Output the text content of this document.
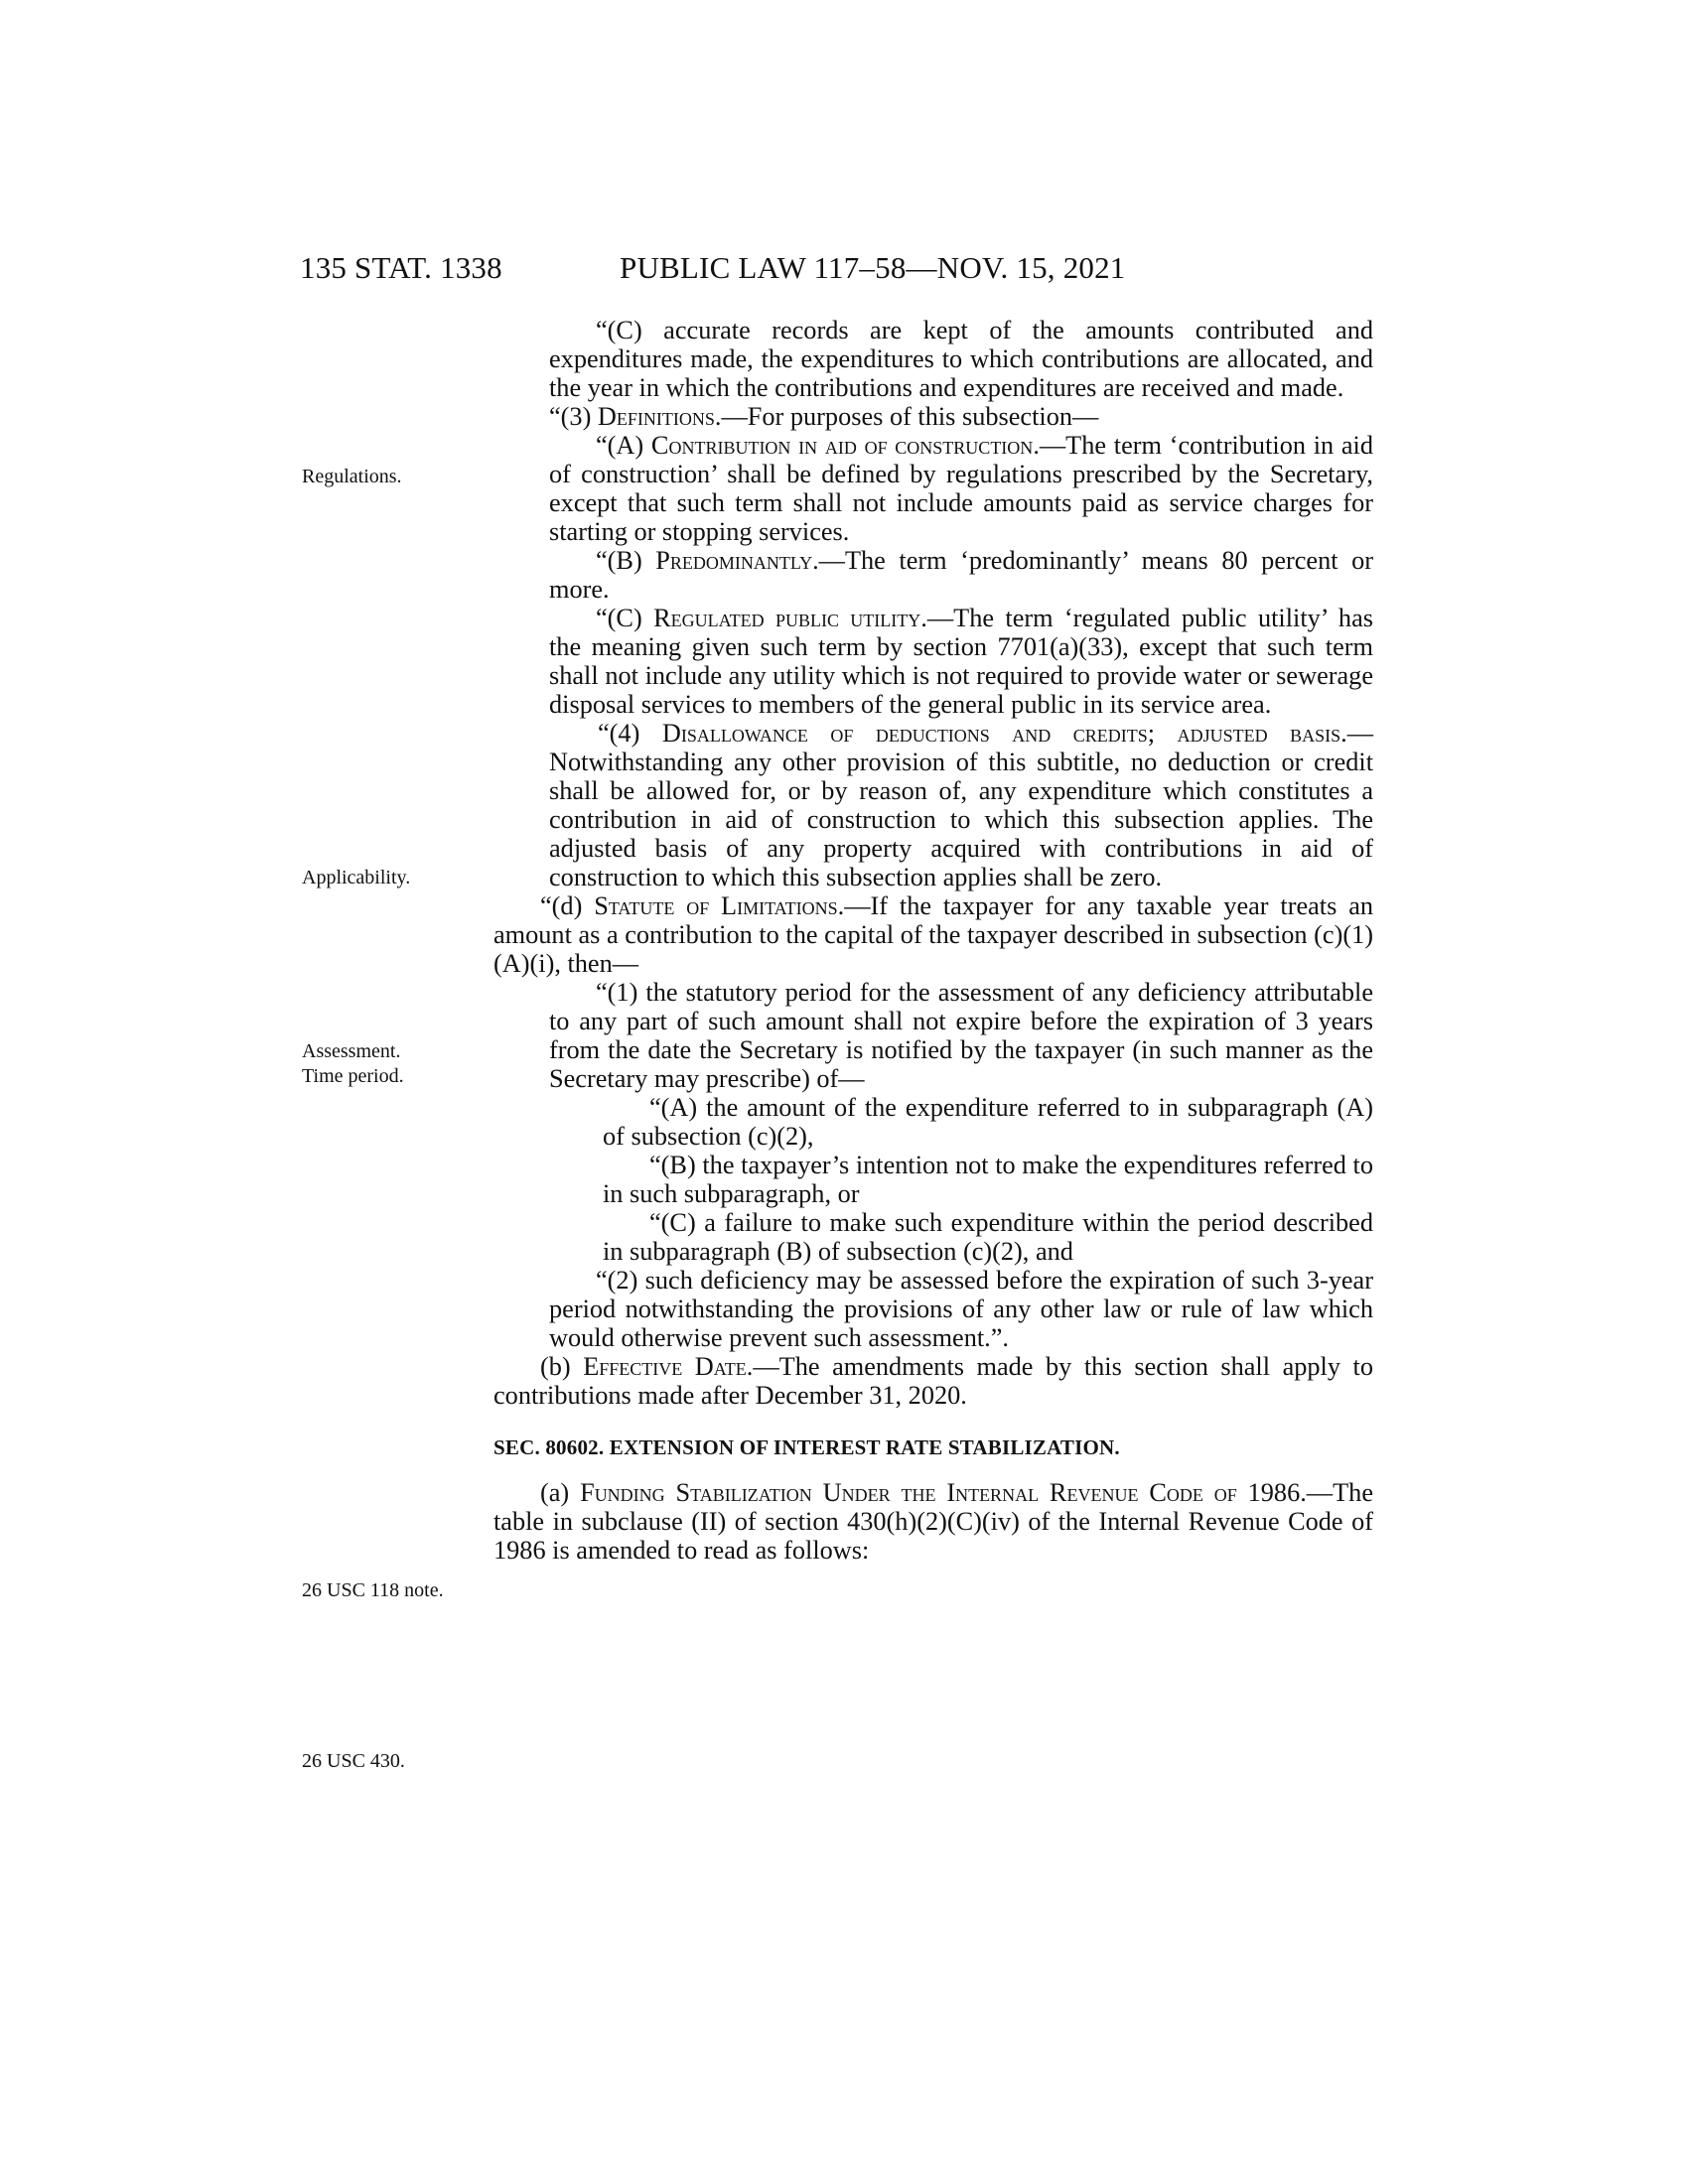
135 STAT. 1338	PUBLIC LAW 117–58—NOV. 15, 2021
Regulations.
Applicability.
Assessment.
Time period.
26 USC 118 note.
26 USC 430.

“(C) accurate records are kept of the amounts contributed and expenditures made, the expenditures to which contributions are allocated, and the year in which the contributions and expenditures are received and made.

“(3) Definitions.—For purposes of this subsection—

“(A) Contribution in aid of construction.—The term ‘contribution in aid of construction’ shall be defined by regulations prescribed by the Secretary, except that such term shall not include amounts paid as service charges for starting or stopping services.

“(B) Predominantly.—The term ‘predominantly’ means 80 percent or more.

“(C) Regulated public utility.—The term ‘regulated public utility’ has the meaning given such term by section 7701(a)(33), except that such term shall not include any utility which is not required to provide water or sewerage disposal services to members of the general public in its service area.

“(4) Disallowance of deductions and credits; adjusted basis.—Notwithstanding any other provision of this subtitle, no deduction or credit shall be allowed for, or by reason of, any expenditure which constitutes a contribution in aid of construction to which this subsection applies. The adjusted basis of any property acquired with contributions in aid of construction to which this subsection applies shall be zero.

“(d) Statute of Limitations.—If the taxpayer for any taxable year treats an amount as a contribution to the capital of the taxpayer described in subsection (c)(1)(A)(i), then—

“(1) the statutory period for the assessment of any deficiency attributable to any part of such amount shall not expire before the expiration of 3 years from the date the Secretary is notified by the taxpayer (in such manner as the Secretary may prescribe) of—

“(A) the amount of the expenditure referred to in subparagraph (A) of subsection (c)(2),

“(B) the taxpayer’s intention not to make the expenditures referred to in such subparagraph, or

“(C) a failure to make such expenditure within the period described in subparagraph (B) of subsection (c)(2), and

“(2) such deficiency may be assessed before the expiration of such 3-year period notwithstanding the provisions of any other law or rule of law which would otherwise prevent such assessment.”.

(b) Effective Date.—The amendments made by this section shall apply to contributions made after December 31, 2020.

SEC. 80602. EXTENSION OF INTEREST RATE STABILIZATION.

(a) Funding Stabilization Under the Internal Revenue Code of 1986.—The table in subclause (II) of section 430(h)(2)(C)(iv) of the Internal Revenue Code of 1986 is amended to read as follows:
